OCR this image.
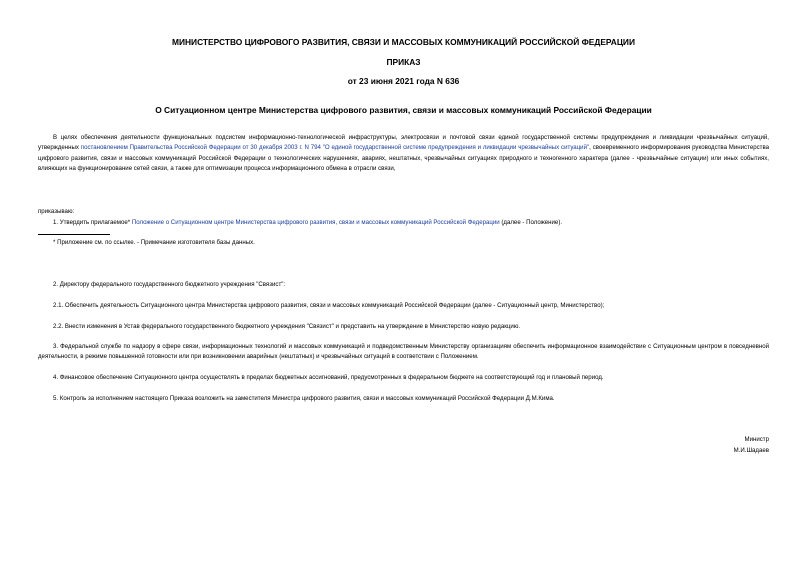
МИНИСТЕРСТВО ЦИФРОВОГО РАЗВИТИЯ, СВЯЗИ И МАССОВЫХ КОММУНИКАЦИЙ РОССИЙСКОЙ ФЕДЕРАЦИИ
ПРИКАЗ
от 23 июня 2021 года N 636
О Ситуационном центре Министерства цифрового развития, связи и массовых коммуникаций Российской Федерации
В целях обеспечения деятельности функциональных подсистем информационно-технологической инфраструктуры, электросвязи и почтовой связи единой государственной системы предупреждения и ликвидации чрезвычайных ситуаций, утвержденных постановлением Правительства Российской Федерации от 30 декабря 2003 г. N 794 "О единой государственной системе предупреждения и ликвидации чрезвычайных ситуаций", своевременного информирования руководства Министерства цифрового развития, связи и массовых коммуникаций Российской Федерации о технологических нарушениях, авариях, нештатных, чрезвычайных ситуациях природного и техногенного характера (далее - чрезвычайные ситуации) или иных событиях, влияющих на функционирование сетей связи, а также для оптимизации процесса информационного обмена в отрасли связи,
приказываю:
1. Утвердить прилагаемое* Положение о Ситуационном центре Министерства цифрового развития, связи и массовых коммуникаций Российской Федерации (далее - Положение).
* Приложение см. по ссылке. - Примечание изготовителя базы данных.
2. Директору федерального государственного бюджетного учреждения "Связист":
2.1. Обеспечить деятельность Ситуационного центра Министерства цифрового развития, связи и массовых коммуникаций Российской Федерации (далее - Ситуационный центр, Министерство);
2.2. Внести изменения в Устав федерального государственного бюджетного учреждения "Связист" и представить на утверждение в Министерство новую редакцию.
3. Федеральной службе по надзору в сфере связи, информационных технологий и массовых коммуникаций и подведомственным Министерству организациям обеспечить информационное взаимодействие с Ситуационным центром в повседневной деятельности, в режиме повышенной готовности или при возникновении аварийных (нештатных) и чрезвычайных ситуаций в соответствии с Положением.
4. Финансовое обеспечение Ситуационного центра осуществлять в пределах бюджетных ассигнований, предусмотренных в федеральном бюджете на соответствующий год и плановый период.
5. Контроль за исполнением настоящего Приказа возложить на заместителя Министра цифрового развития, связи и массовых коммуникаций Российской Федерации Д.М.Кима.
Министр
М.И.Шадаев
